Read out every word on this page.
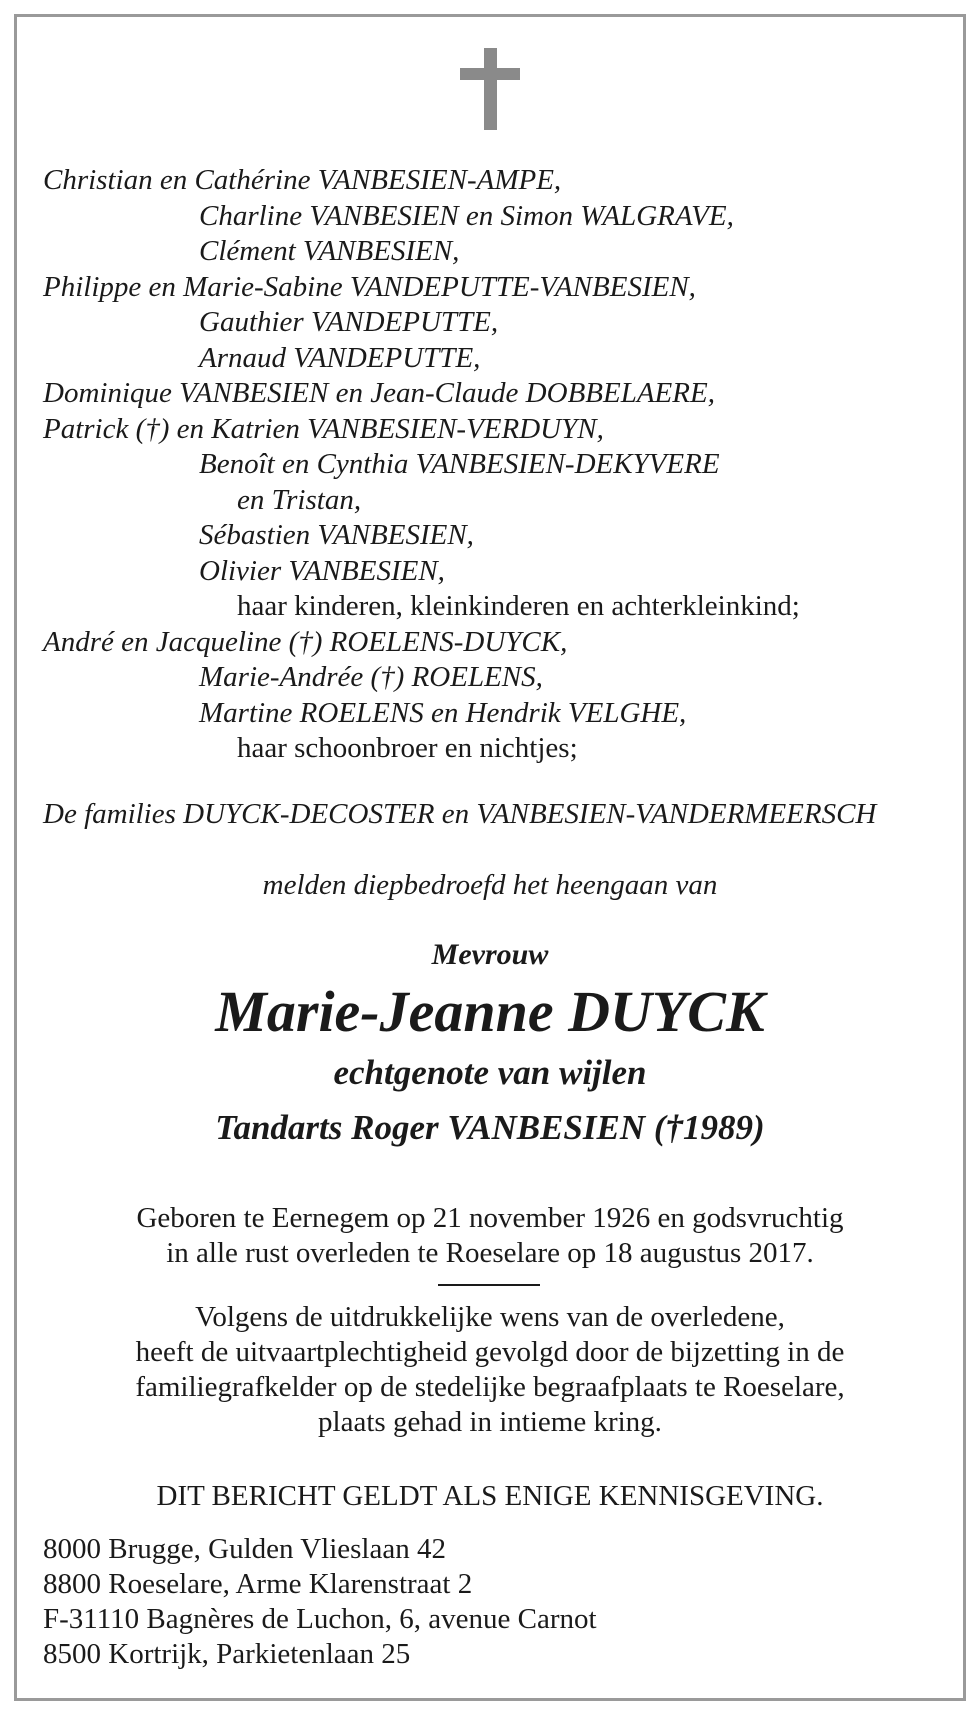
Christian en Cathérine VANBESIEN-AMPE,
Charline VANBESIEN en Simon WALGRAVE,
Clément VANBESIEN,
Philippe en Marie-Sabine VANDEPUTTE-VANBESIEN,
Gauthier VANDEPUTTE,
Arnaud VANDEPUTTE,
Dominique VANBESIEN en Jean-Claude DOBBELAERE,
Patrick (†) en Katrien VANBESIEN-VERDUYN,
Benoît en Cynthia VANBESIEN-DEKYVERE
en Tristan,
Sébastien VANBESIEN,
Olivier VANBESIEN,
haar kinderen, kleinkinderen en achterkleinkind;
André en Jacqueline (†) ROELENS-DUYCK,
Marie-Andrée (†) ROELENS,
Martine ROELENS en Hendrik VELGHE,
haar schoonbroer en nichtjes;
De families DUYCK-DECOSTER en VANBESIEN-VANDERMEERSCH
melden diepbedroefd het heengaan van
Mevrouw
Marie-Jeanne DUYCK
echtgenote van wijlen
Tandarts Roger VANBESIEN (†1989)
Geboren te Eernegem op 21 november 1926 en godsvruchtig
in alle rust overleden te Roeselare op 18 augustus 2017.
Volgens de uitdrukkelijke wens van de overledene,
heeft de uitvaartplechtigheid gevolgd door de bijzetting in de
familiegrafkelder op de stedelijke begraafplaats te Roeselare,
plaats gehad in intieme kring.
DIT BERICHT GELDT ALS ENIGE KENNISGEVING.
8000 Brugge, Gulden Vlieslaan 42
8800 Roeselare, Arme Klarenstraat 2
F-31110 Bagnères de Luchon, 6, avenue Carnot
8500 Kortrijk, Parkietenlaan 25
